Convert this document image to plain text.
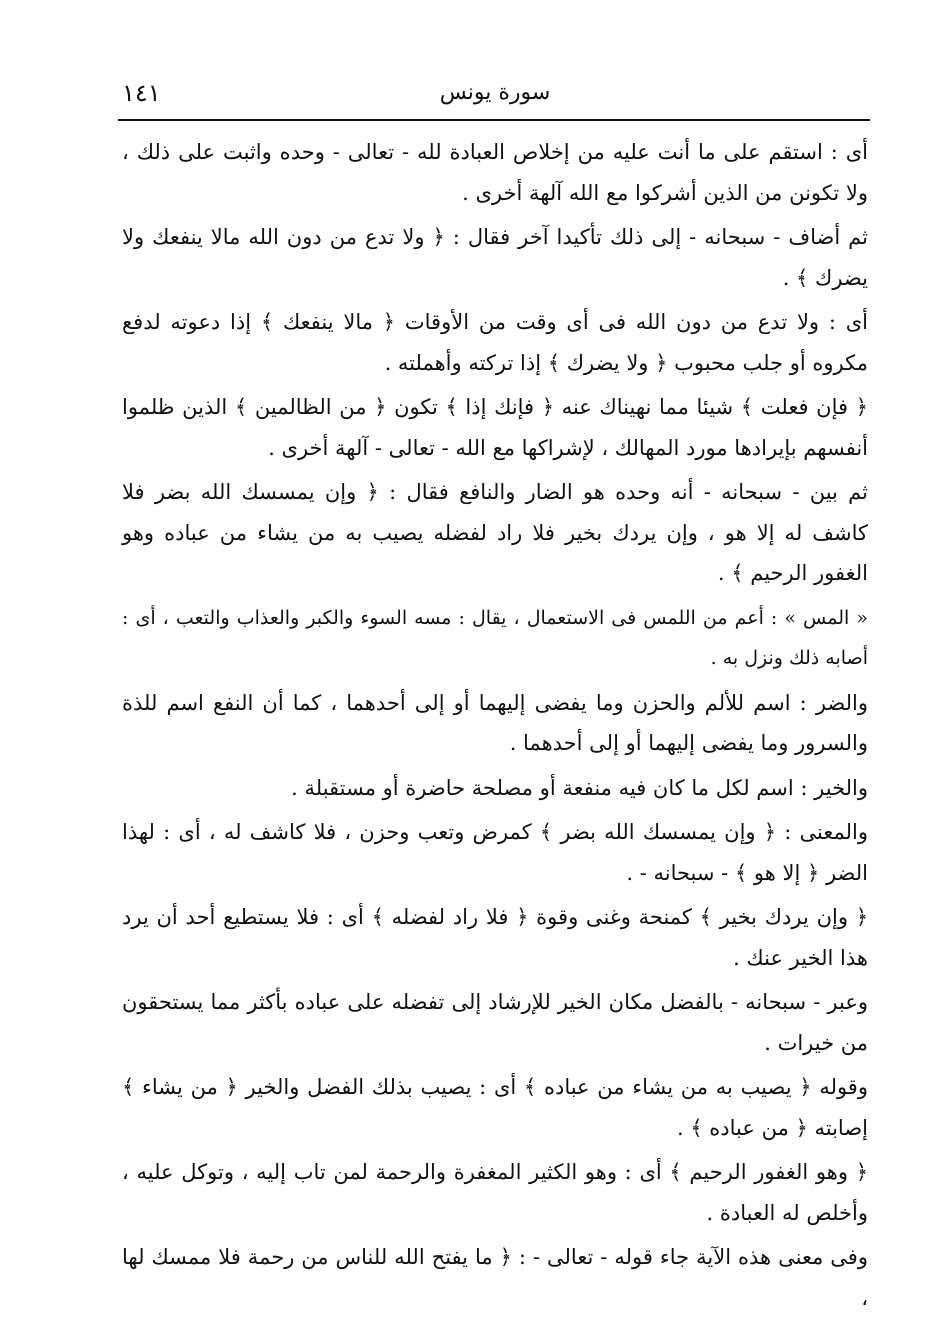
١٤١	سورة يونس

أى : استقم على ما أنت عليه من إخلاص العبادة لله - تعالى - وحده واثبت على ذلك ، ولا تكونن من الذين أشركوا مع الله آلهة أخرى .

ثم أضاف - سبحانه - إلى ذلك تأكيدا آخر فقال : ﴿ ولا تدع من دون الله مالا ينفعك ولا يضرك ﴾ .

أى : ولا تدع من دون الله فى أى وقت من الأوقات ﴿ مالا ينفعك ﴾ إذا دعوته لدفع مكروه أو جلب محبوب ﴿ ولا يضرك ﴾ إذا تركته وأهملته .

﴿ فإن فعلت ﴾ شيئا مما نهيناك عنه ﴿ فإنك إذا ﴾ تكون ﴿ من الظالمين ﴾ الذين ظلموا أنفسهم بإيرادها مورد المهالك ، لإشراكها مع الله - تعالى - آلهة أخرى .

ثم بين - سبحانه - أنه وحده هو الضار والنافع فقال : ﴿ وإن يمسسك الله بضر فلا كاشف له إلا هو ، وإن يردك بخير فلا راد لفضله يصيب به من يشاء من عباده وهو الغفور الرحيم ﴾ .

« المس » : أعم من اللمس فى الاستعمال ، يقال : مسه السوء والكبر والعذاب والتعب ، أى : أصابه ذلك ونزل به .

والضر : اسم للألم والحزن وما يفضى إليهما أو إلى أحدهما ، كما أن النفع اسم للذة والسرور وما يفضى إليهما أو إلى أحدهما .

والخير : اسم لكل ما كان فيه منفعة أو مصلحة حاضرة أو مستقبلة .

والمعنى : ﴿ وإن يمسسك الله بضر ﴾ كمرض وتعب وحزن ، فلا كاشف له ، أى : لهذا الضر ﴿ إلا هو ﴾ - سبحانه - .

﴿ وإن يردك بخير ﴾ كمنحة وغنى وقوة ﴿ فلا راد لفضله ﴾ أى : فلا يستطيع أحد أن يرد هذا الخير عنك .

وعبر - سبحانه - بالفضل مكان الخير للإرشاد إلى تفضله على عباده بأكثر مما يستحقون من خيرات .

وقوله ﴿ يصيب به من يشاء من عباده ﴾ أى : يصيب بذلك الفضل والخير ﴿ من يشاء ﴾ إصابته ﴿ من عباده ﴾ .

﴿ وهو الغفور الرحيم ﴾ أى : وهو الكثير المغفرة والرحمة لمن تاب إليه ، وتوكل عليه ، وأخلص له العبادة .

وفى معنى هذه الآية جاء قوله - تعالى - : ﴿ ما يفتح الله للناس من رحمة فلا ممسك لها ،
